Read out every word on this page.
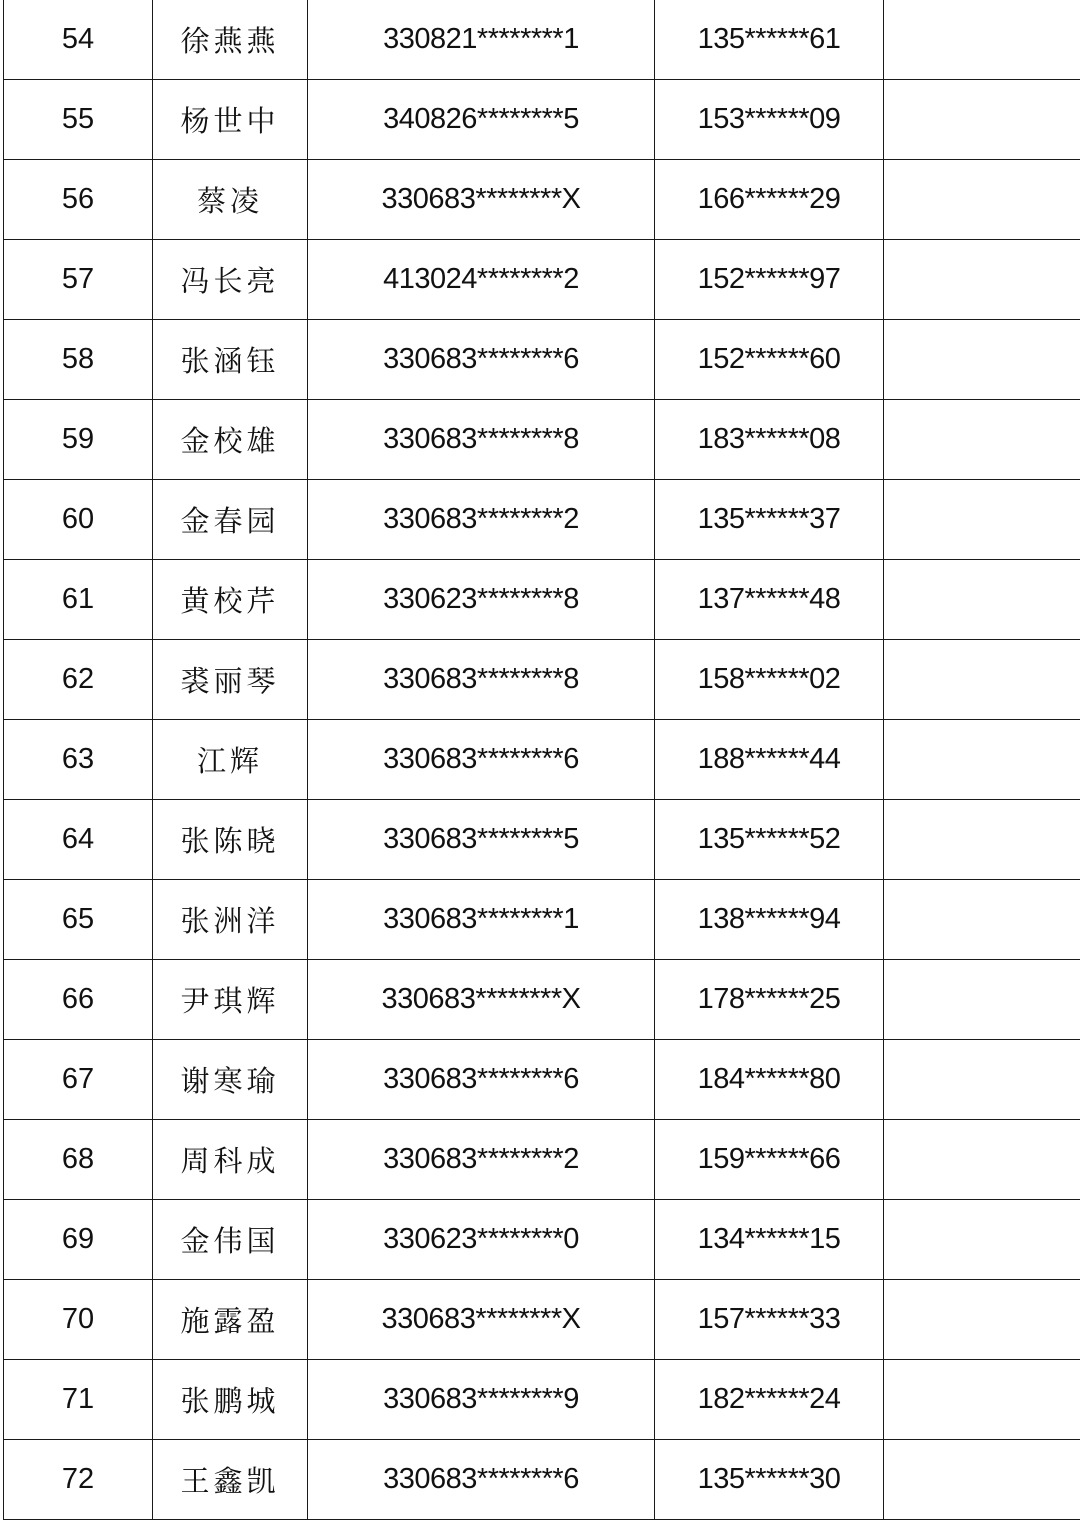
54	徐燕燕	330821********1	135******61	
55	杨世中	340826********5	153******09	
56	蔡凌	330683********X	166******29	
57	冯长亮	413024********2	152******97	
58	张涵钰	330683********6	152******60	
59	金校雄	330683********8	183******08	
60	金春园	330683********2	135******37	
61	黄校芹	330623********8	137******48	
62	裘丽琴	330683********8	158******02	
63	江辉	330683********6	188******44	
64	张陈晓	330683********5	135******52	
65	张洲洋	330683********1	138******94	
66	尹琪辉	330683********X	178******25	
67	谢寒瑜	330683********6	184******80	
68	周科成	330683********2	159******66	
69	金伟国	330623********0	134******15	
70	施露盈	330683********X	157******33	
71	张鹏城	330683********9	182******24	
72	王鑫凯	330683********6	135******30	
